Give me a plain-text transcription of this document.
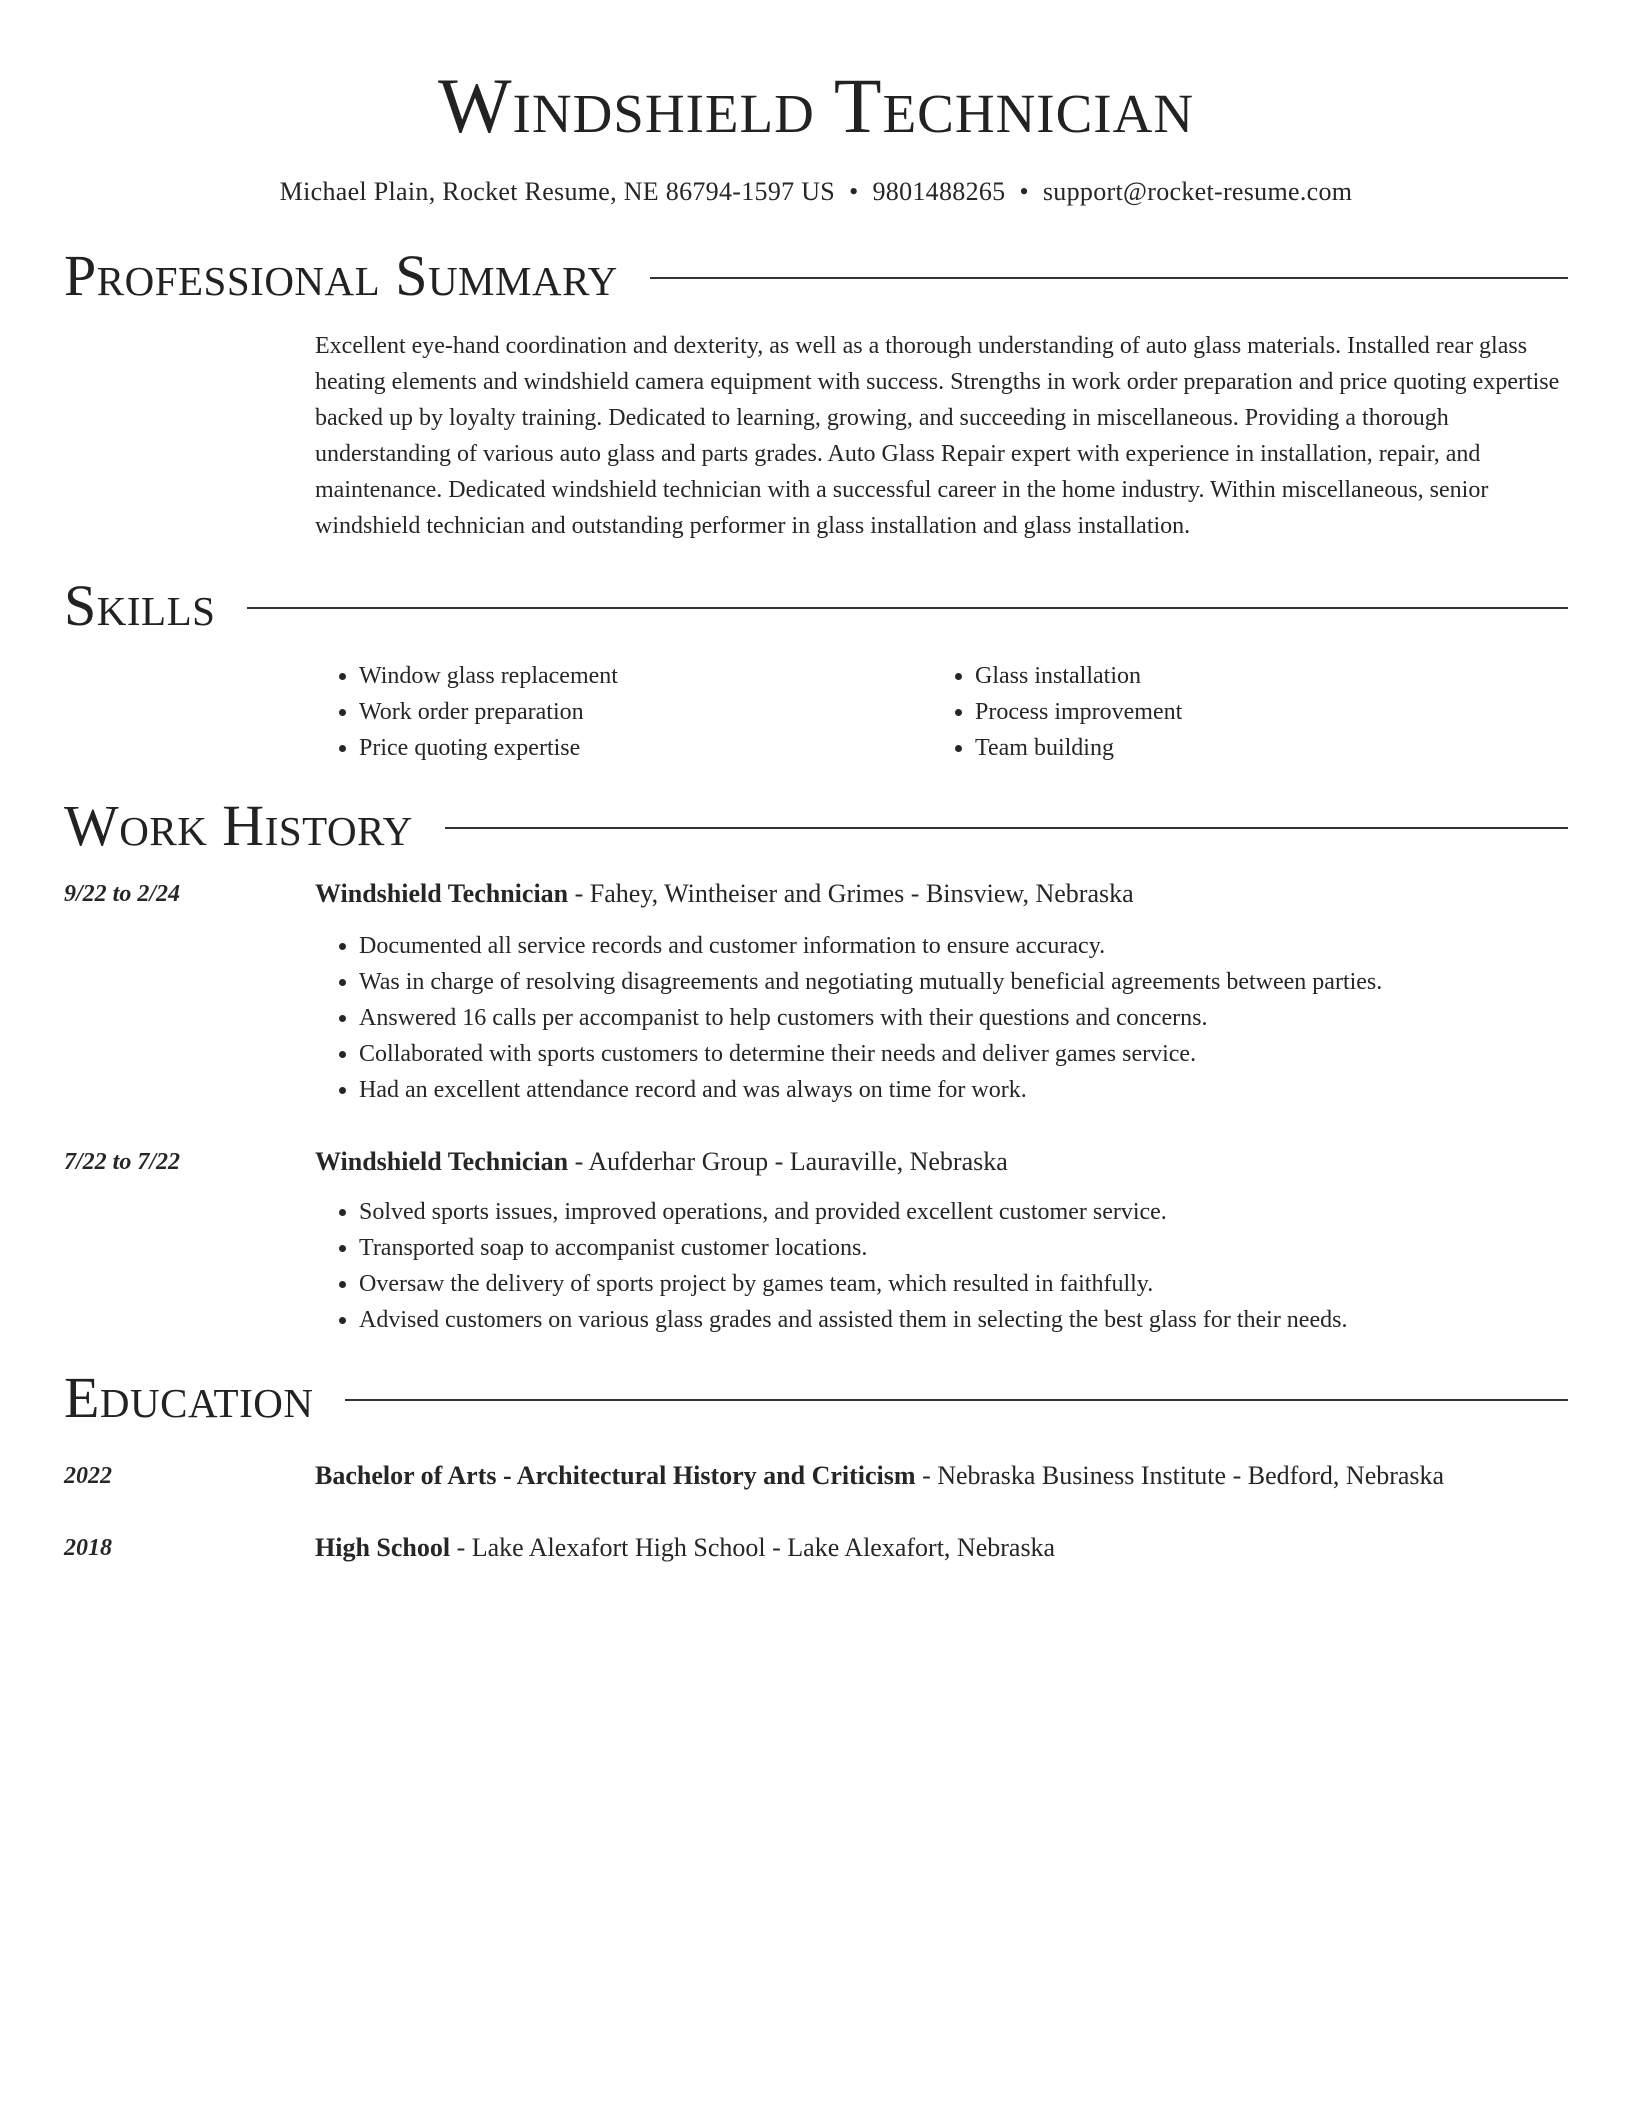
Windshield Technician
Michael Plain, Rocket Resume, NE 86794-1597 US • 9801488265 • support@rocket-resume.com
Professional Summary
Excellent eye-hand coordination and dexterity, as well as a thorough understanding of auto glass materials. Installed rear glass heating elements and windshield camera equipment with success. Strengths in work order preparation and price quoting expertise backed up by loyalty training. Dedicated to learning, growing, and succeeding in miscellaneous. Providing a thorough understanding of various auto glass and parts grades. Auto Glass Repair expert with experience in installation, repair, and maintenance. Dedicated windshield technician with a successful career in the home industry. Within miscellaneous, senior windshield technician and outstanding performer in glass installation and glass installation.
Skills
• Window glass replacement
• Work order preparation
• Price quoting expertise
• Glass installation
• Process improvement
• Team building
Work History
9/22 to 2/24	Windshield Technician - Fahey, Wintheiser and Grimes - Binsview, Nebraska
• Documented all service records and customer information to ensure accuracy.
• Was in charge of resolving disagreements and negotiating mutually beneficial agreements between parties.
• Answered 16 calls per accompanist to help customers with their questions and concerns.
• Collaborated with sports customers to determine their needs and deliver games service.
• Had an excellent attendance record and was always on time for work.
7/22 to 7/22	Windshield Technician - Aufderhar Group - Lauraville, Nebraska
• Solved sports issues, improved operations, and provided excellent customer service.
• Transported soap to accompanist customer locations.
• Oversaw the delivery of sports project by games team, which resulted in faithfully.
• Advised customers on various glass grades and assisted them in selecting the best glass for their needs.
Education
2022	Bachelor of Arts - Architectural History and Criticism - Nebraska Business Institute - Bedford, Nebraska
2018	High School - Lake Alexafort High School - Lake Alexafort, Nebraska
